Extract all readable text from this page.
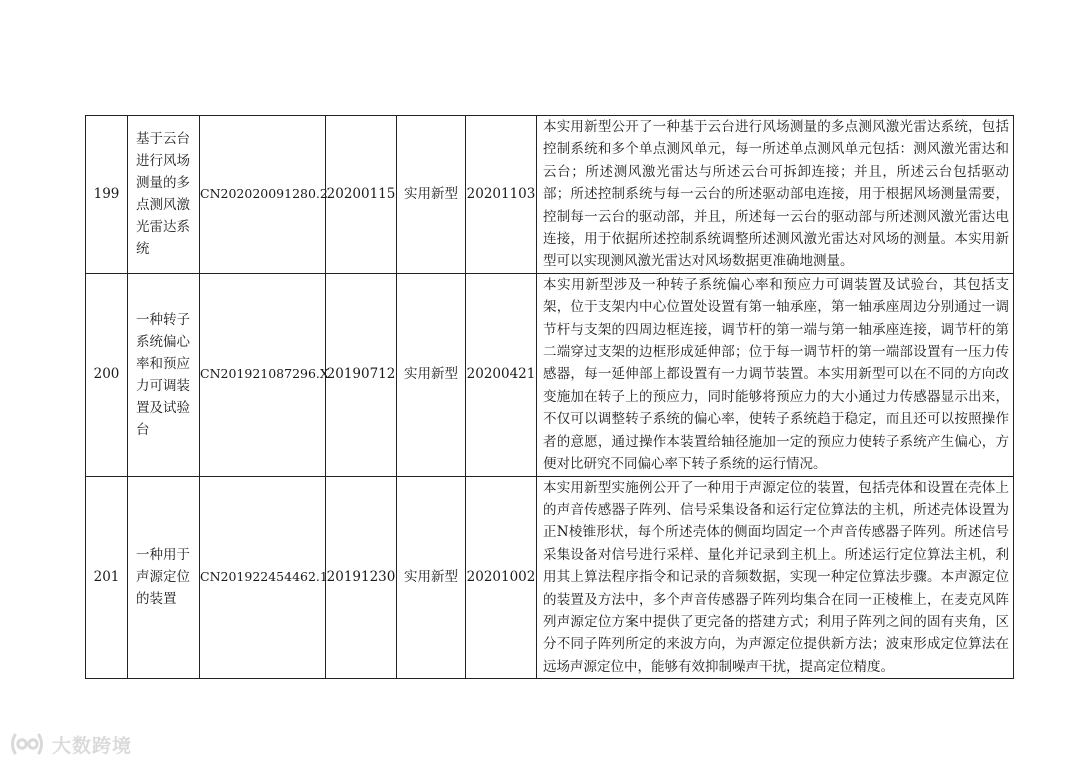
199	基于云台进行风场测量的多点测风激光雷达系统	CN202020091280.2	20200115	实用新型	20201103	本实用新型公开了一种基于云台进行风场测量的多点测风激光雷达系统，包括控制系统和多个单点测风单元，每一所述单点测风单元包括：测风激光雷达和云台；所述测风激光雷达与所述云台可拆卸连接；并且，所述云台包括驱动部；所述控制系统与每一云台的所述驱动部电连接，用于根据风场测量需要，控制每一云台的驱动部，并且，所述每一云台的驱动部与所述测风激光雷达电连接，用于依据所述控制系统调整所述测风激光雷达对风场的测量。本实用新型可以实现测风激光雷达对风场数据更准确地测量。
200	一种转子系统偏心率和预应力可调装置及试验台	CN201921087296.X	20190712	实用新型	20200421	本实用新型涉及一种转子系统偏心率和预应力可调装置及试验台，其包括支架，位于支架内中心位置处设置有第一轴承座，第一轴承座周边分别通过一调节杆与支架的四周边框连接，调节杆的第一端与第一轴承座连接，调节杆的第二端穿过支架的边框形成延伸部；位于每一调节杆的第一端部设置有一压力传感器，每一延伸部上都设置有一力调节装置。本实用新型可以在不同的方向改变施加在转子上的预应力，同时能够将预应力的大小通过力传感器显示出来，不仅可以调整转子系统的偏心率，使转子系统趋于稳定，而且还可以按照操作者的意愿，通过操作本装置给轴径施加一定的预应力使转子系统产生偏心，方便对比研究不同偏心率下转子系统的运行情况。
201	一种用于声源定位的装置	CN201922454462.1	20191230	实用新型	20201002	本实用新型实施例公开了一种用于声源定位的装置，包括壳体和设置在壳体上的声音传感器子阵列、信号采集设备和运行定位算法的主机，所述壳体设置为正N棱锥形状，每个所述壳体的侧面均固定一个声音传感器子阵列。所述信号采集设备对信号进行采样、量化并记录到主机上。所述运行定位算法主机，利用其上算法程序指令和记录的音频数据，实现一种定位算法步骤。本声源定位的装置及方法中，多个声音传感器子阵列均集合在同一正棱椎上，在麦克风阵列声源定位方案中提供了更完备的搭建方式；利用子阵列之间的固有夹角，区分不同子阵列所定的来波方向，为声源定位提供新方法；波束形成定位算法在远场声源定位中，能够有效抑制噪声干扰，提高定位精度。
大数跨境
